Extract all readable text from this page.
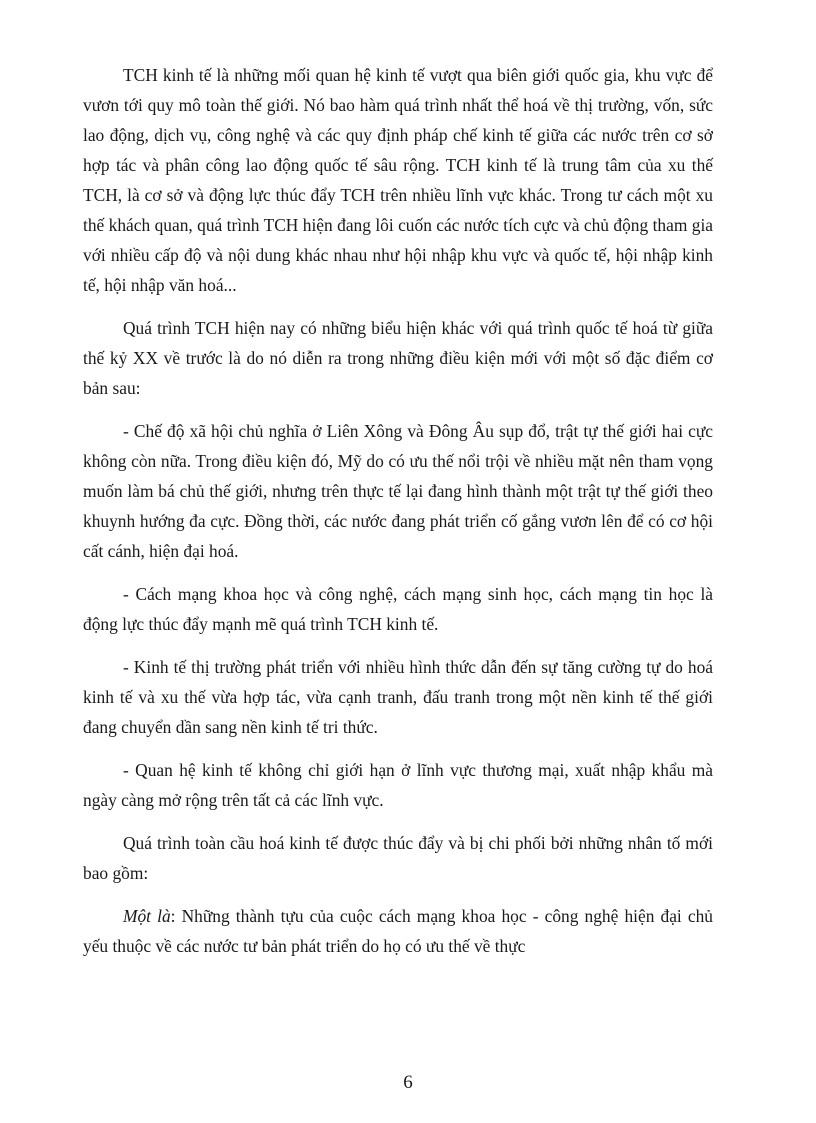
TCH kinh tế là những mối quan hệ kinh tế vượt qua biên giới quốc gia, khu vực để vươn tới quy mô toàn thế giới. Nó bao hàm quá trình nhất thể hoá về thị trường, vốn, sức lao động, dịch vụ, công nghệ và các quy định pháp chế kinh tế giữa các nước trên cơ sở hợp tác và phân công lao động quốc tế sâu rộng. TCH kinh tế là trung tâm của xu thế TCH, là cơ sở và động lực thúc đẩy TCH trên nhiều lĩnh vực khác. Trong tư cách một xu thế khách quan, quá trình TCH hiện đang lôi cuốn các nước tích cực và chủ động tham gia với nhiều cấp độ và nội dung khác nhau như hội nhập khu vực và quốc tế, hội nhập kinh tế, hội nhập văn hoá...

Quá trình TCH hiện nay có những biểu hiện khác với quá trình quốc tế hoá từ giữa thế kỷ XX về trước là do nó diễn ra trong những điều kiện mới với một số đặc điểm cơ bản sau:

- Chế độ xã hội chủ nghĩa ở Liên Xông và Đông Âu sụp đổ, trật tự thế giới hai cực không còn nữa. Trong điều kiện đó, Mỹ do có ưu thế nổi trội về nhiều mặt nên tham vọng muốn làm bá chủ thế giới, nhưng trên thực tế lại đang hình thành một trật tự thế giới theo khuynh hướng đa cực. Đồng thời, các nước đang phát triển cố gắng vươn lên để có cơ hội cất cánh, hiện đại hoá.

- Cách mạng khoa học và công nghệ, cách mạng sinh học, cách mạng tin học là động lực thúc đẩy mạnh mẽ quá trình TCH kinh tế.

- Kinh tế thị trường phát triển với nhiều hình thức dẫn đến sự tăng cường tự do hoá kinh tế và xu thế vừa hợp tác, vừa cạnh tranh, đấu tranh trong một nền kinh tế thế giới đang chuyển dần sang nền kinh tế tri thức.

- Quan hệ kinh tế không chỉ giới hạn ở lĩnh vực thương mại, xuất nhập khẩu mà ngày càng mở rộng trên tất cả các lĩnh vực.

Quá trình toàn cầu hoá kinh tế được thúc đẩy và bị chi phối bởi những nhân tố mới bao gồm:

Một là: Những thành tựu của cuộc cách mạng khoa học - công nghệ hiện đại chủ yếu thuộc về các nước tư bản phát triển do họ có ưu thế về thực

6
